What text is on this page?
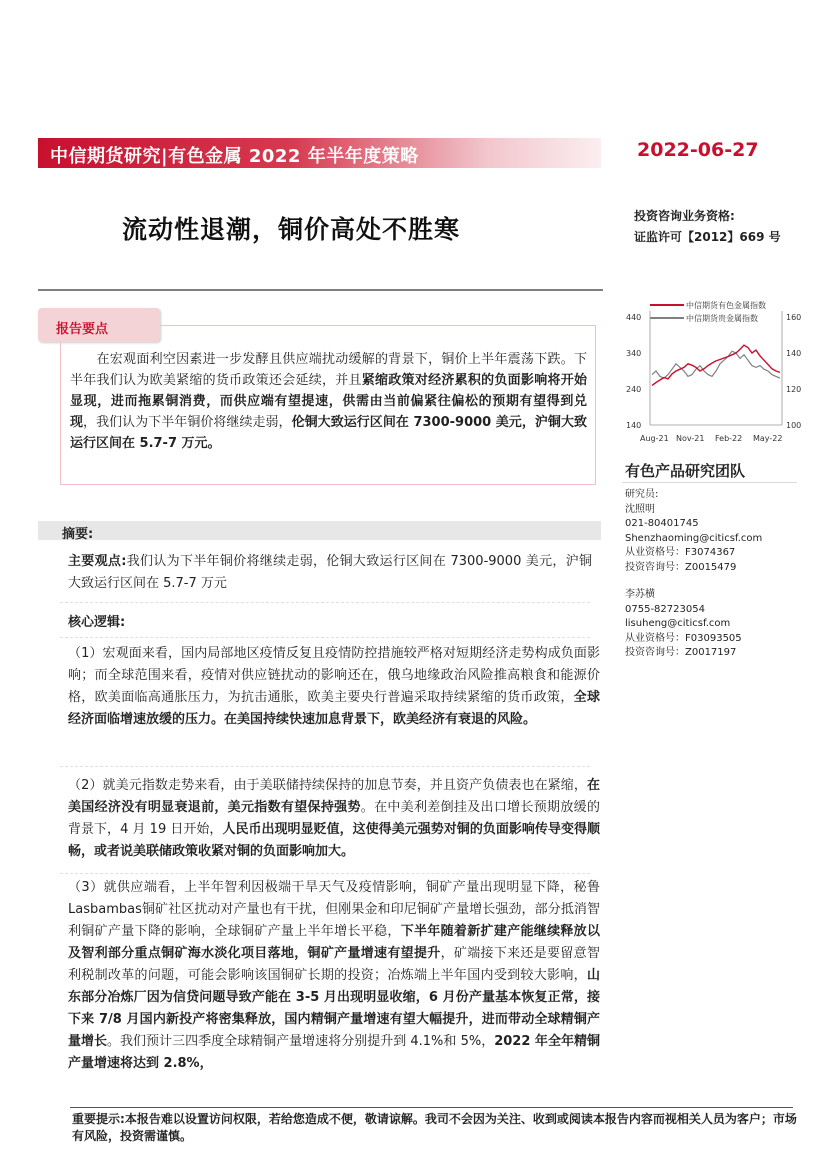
中信期货研究|有色金属 2022 年半年度策略	2022-06-27
流动性退潮，铜价高处不胜寒	投资咨询业务资格:
证监许可【2012】669 号
报告要点
　　在宏观面利空因素进一步发酵且供应端扰动缓解的背景下，铜价上半年震荡下跌。下半年我们认为欧美紧缩的货币政策还会延续，并且紧缩政策对经济累积的负面影响将开始显现，进而拖累铜消费，而供应端有望提速，供需由当前偏紧往偏松的预期有望得到兑现，我们认为下半年铜价将继续走弱，伦铜大致运行区间在 7300-9000 美元，沪铜大致运行区间在 5.7-7 万元。
摘要:
主要观点:我们认为下半年铜价将继续走弱，伦铜大致运行区间在 7300-9000 美元，沪铜大致运行区间在 5.7-7 万元
核心逻辑:
（1）宏观面来看，国内局部地区疫情反复且疫情防控措施较严格对短期经济走势构成负面影响；而全球范围来看，疫情对供应链扰动的影响还在，俄乌地缘政治风险推高粮食和能源价格，欧美面临高通胀压力，为抗击通胀，欧美主要央行普遍采取持续紧缩的货币政策，全球经济面临增速放缓的压力。在美国持续快速加息背景下，欧美经济有衰退的风险。
（2）就美元指数走势来看，由于美联储持续保持的加息节奏，并且资产负债表也在紧缩，在美国经济没有明显衰退前，美元指数有望保持强势。在中美利差倒挂及出口增长预期放缓的背景下，4 月 19 日开始，人民币出现明显贬值，这使得美元强势对铜的负面影响传导变得顺畅，或者说美联储政策收紧对铜的负面影响加大。
（3）就供应端看，上半年智利因极端干旱天气及疫情影响，铜矿产量出现明显下降，秘鲁Lasbambas铜矿社区扰动对产量也有干扰，但刚果金和印尼铜矿产量增长强劲，部分抵消智利铜矿产量下降的影响，全球铜矿产量上半年增长平稳，下半年随着新扩建产能继续释放以及智利部分重点铜矿海水淡化项目落地，铜矿产量增速有望提升，矿端接下来还是要留意智利税制改革的问题，可能会影响该国铜矿长期的投资；冶炼端上半年国内受到较大影响，山东部分冶炼厂因为信贷问题导致产能在 3-5 月出现明显收缩，6 月份产量基本恢复正常，接下来 7/8 月国内新投产将密集释放，国内精铜产量增速有望大幅提升，进而带动全球精铜产量增长。我们预计三四季度全球精铜产量增速将分别提升到 4.1%和 5%，2022 年全年精铜产量增速将达到 2.8%，
重要提示:本报告难以设置访问权限，若给您造成不便，敬请谅解。我司不会因为关注、收到或阅读本报告内容而视相关人员为客户；市场有风险，投资需谨慎。
中信期货有色金属指数
中信期货贵金属指数
440
340
240
140
160
140
120
100
Aug-21 Nov-21 Feb-22 May-22
有色产品研究团队
研究员:
沈照明
021-80401745
Shenzhaoming@citicsf.com
从业资格号：F3074367
投资咨询号：Z0015479
李苏横
0755-82723054
lisuheng@citicsf.com
从业资格号：F03093505
投资咨询号：Z0017197
